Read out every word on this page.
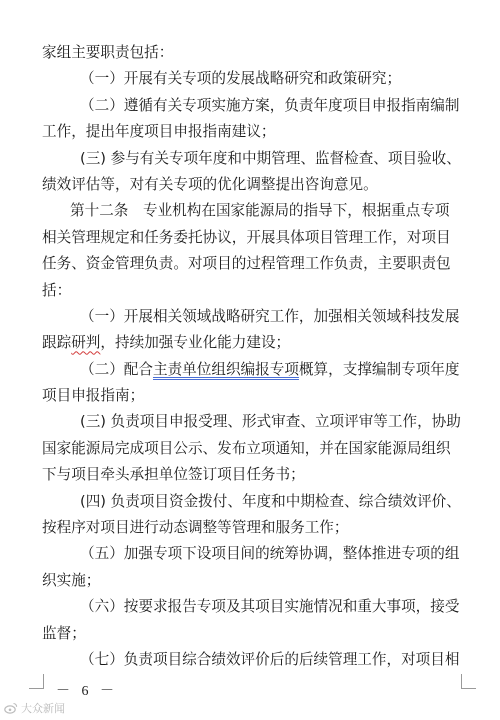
家组主要职责包括：
（一）开展有关专项的发展战略研究和政策研究；
（二）遵循有关专项实施方案，负责年度项目申报指南编制
工作，提出年度项目申报指南建议；
(三) 参与有关专项年度和中期管理、监督检查、项目验收、
绩效评估等，对有关专项的优化调整提出咨询意见。
第十二条　专业机构在国家能源局的指导下，根据重点专项
相关管理规定和任务委托协议，开展具体项目管理工作，对项目
任务、资金管理负责。对项目的过程管理工作负责，主要职责包
括：
（一）开展相关领域战略研究工作，加强相关领域科技发展
跟踪研判，持续加强专业化能力建设；
（二）配合主责单位组织编报专项概算，支撑编制专项年度
项目申报指南；
(三) 负责项目申报受理、形式审查、立项评审等工作，协助
国家能源局完成项目公示、发布立项通知，并在国家能源局组织
下与项目牵头承担单位签订项目任务书；
(四) 负责项目资金拨付、年度和中期检查、综合绩效评价、
按程序对项目进行动态调整等管理和服务工作；
（五）加强专项下设项目间的统筹协调，整体推进专项的组
织实施；
（六）按要求报告专项及其项目实施情况和重大事项，接受
监督；
（七）负责项目综合绩效评价后的后续管理工作，对项目相
－ 6 －
大众新闻
